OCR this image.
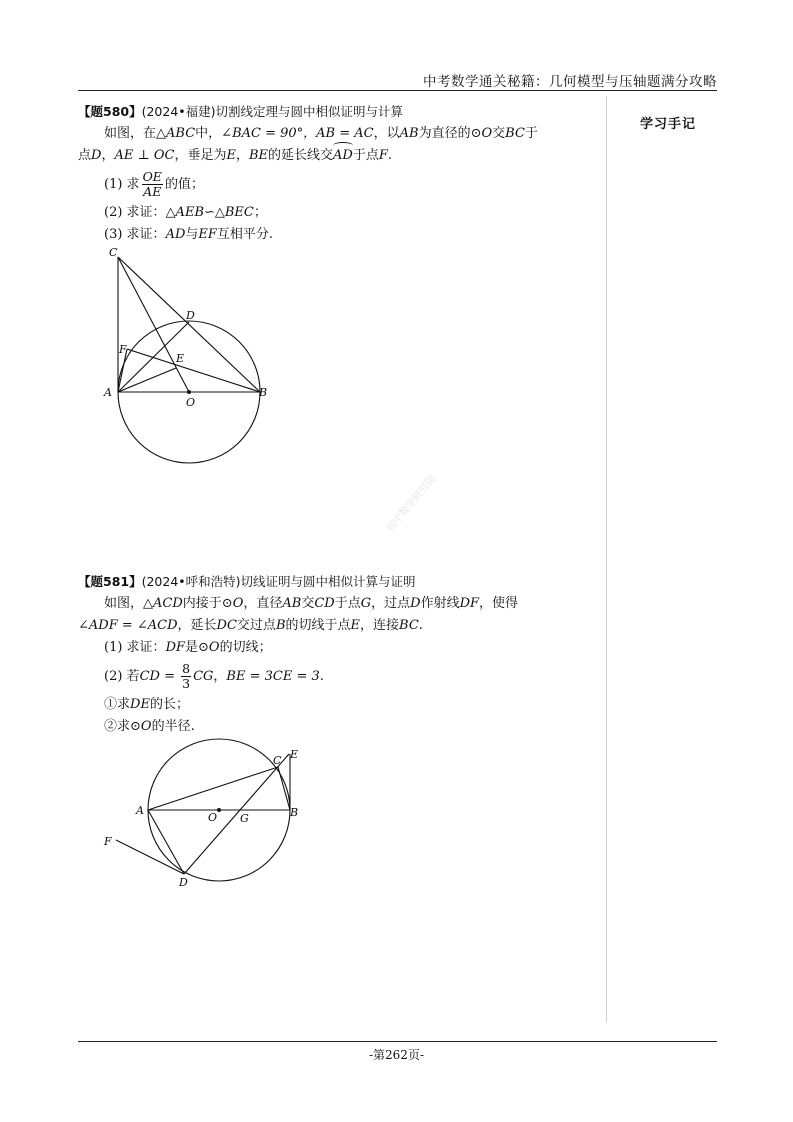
中考数学通关秘籍：几何模型与压轴题满分攻略
学习手记
初中数学研究院
【题580】(2024•福建)切割线定理与圆中相似证明与计算
如图，在△ABC中，∠BAC = 90°，AB = AC，以AB为直径的⊙O交BC于
点D，AE ⊥ OC，垂足为E，BE的延长线交AD于点F.
(1) 求 $\frac{OE}{AE}$ 的值；
(2) 求证：△AEB∽△BEC；
(3) 求证：AD与EF互相平分.
C
D
F
E
A
O
B
【题581】(2024•呼和浩特)切线证明与圆中相似计算与证明
如图，△ACD内接于⊙O，直径AB交CD于点G，过点D作射线DF，使得
∠ADF = ∠ACD，延长DC交过点B的切线于点E，连接BC.
(1) 求证：DF是⊙O的切线；
(2) 若CD = $\frac{8}{3}$ CG，BE = 3CE = 3.
①求DE的长；
②求⊙O的半径.
E
C
A
O G	B
F
D
-第262页-
